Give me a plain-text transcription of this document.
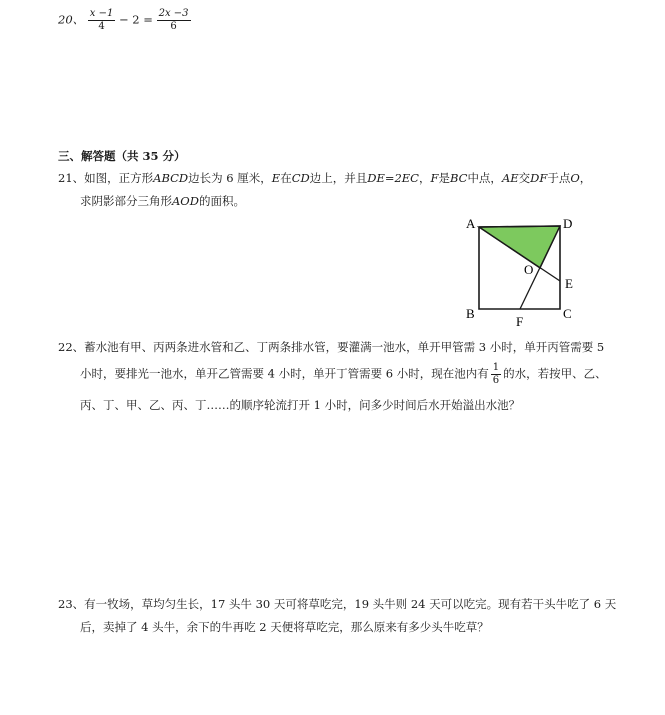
20、 $\frac{x -1}{4} - 2 = \frac{2x -3}{6}$
三、解答题（共 35 分）
21、如图，正方形ABCD边长为 6 厘米，E在CD边上，并且DE=2EC，F是BC中点，AE交DF于点O，
求阴影部分三角形AOD的面积。
A	D
O
E
B	C
F
22、蓄水池有甲、丙两条进水管和乙、丁两条排水管，要灌满一池水，单开甲管需 3 小时，单开丙管需要 5
小时，要排光一池水，单开乙管需要 4 小时，单开丁管需要 6 小时，现在池内有 $\frac{1}{6}$ 的水，若按甲、乙、
丙、丁、甲、乙、丙、丁……的顺序轮流打开 1 小时，问多少时间后水开始溢出水池？
23、有一牧场，草均匀生长，17 头牛 30 天可将草吃完，19 头牛则 24 天可以吃完。现有若干头牛吃了 6 天
后，卖掉了 4 头牛，余下的牛再吃 2 天便将草吃完，那么原来有多少头牛吃草？
